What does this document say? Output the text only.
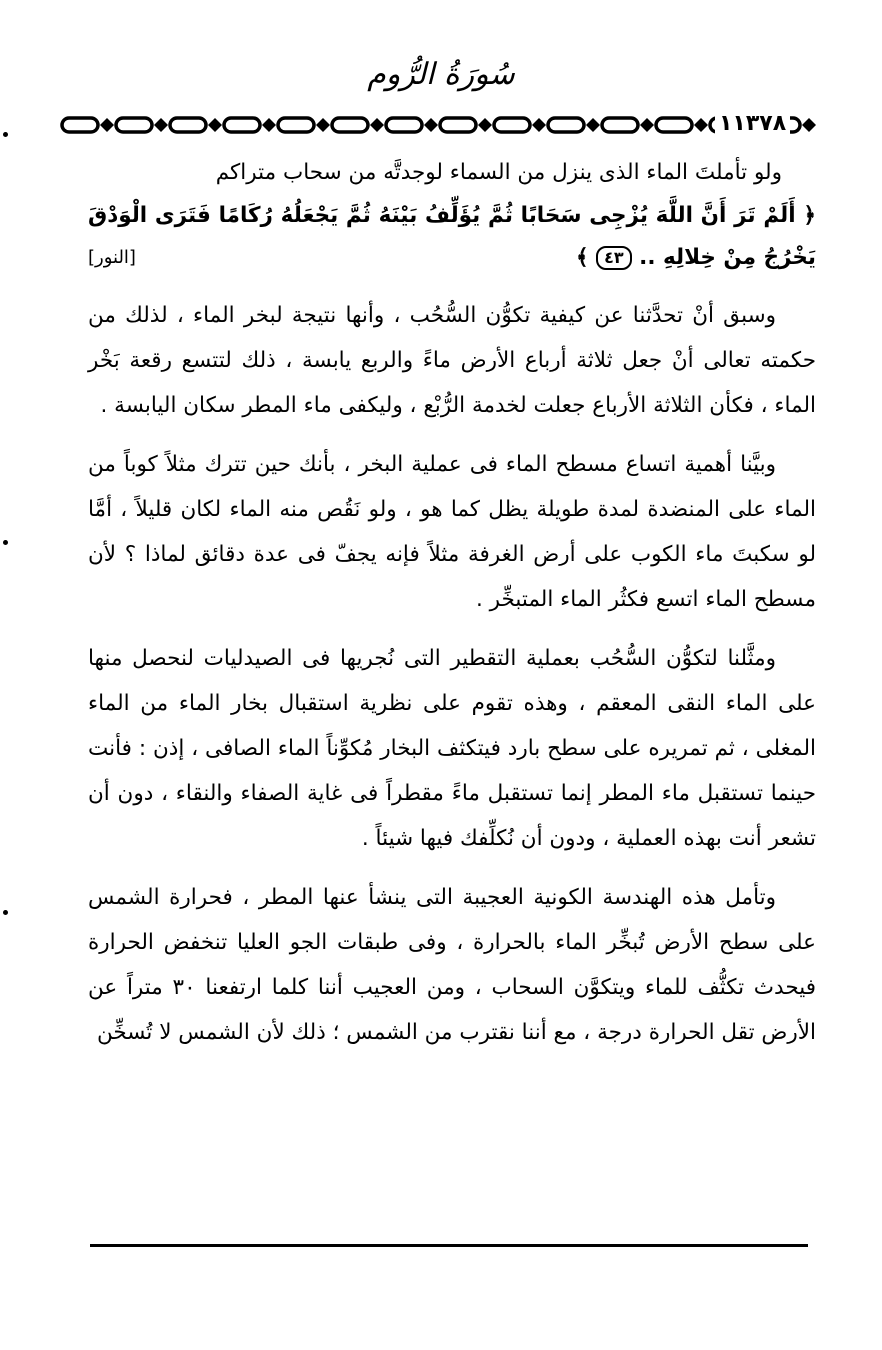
سُورَةُ الرُّوم
١١٣٧٨

ولو تأملتَ الماء الذى ينزل من السماء لوجدتَّه من سحاب متراكم

﴿ أَلَمْ تَرَ أَنَّ اللَّهَ يُزْجِى سَحَابًا ثُمَّ يُؤَلِّفُ بَيْنَهُ ثُمَّ يَجْعَلُهُ رُكَامًا فَتَرَى الْوَدْقَ يَخْرُجُ مِنْ خِلالِهِ .. ٤٣ ﴾
[النور]

وسبق أنْ تحدَّثنا عن كيفية تكوُّن السُّحُب ، وأنها نتيجة لبخر الماء ، لذلك من حكمته تعالى أنْ جعل ثلاثة أرباع الأرض ماءً والربع يابسة ، ذلك لتتسع رقعة بَخْر الماء ، فكأن الثلاثة الأرباع جعلت لخدمة الرُّبْع ، وليكفى ماء المطر سكان اليابسة .

وبيَّنا أهمية اتساع مسطح الماء فى عملية البخر ، بأنك حين تترك مثلاً كوباً من الماء على المنضدة لمدة طويلة يظل كما هو ، ولو نَقُص منه الماء لكان قليلاً ، أمَّا لو سكبتَ ماء الكوب على أرض الغرفة مثلاً فإنه يجفّ فى عدة دقائق لماذا ؟ لأن مسطح الماء اتسع فكثُر الماء المتبخِّر .

ومثَّلنا لتكوُّن السُّحُب بعملية التقطير التى نُجريها فى الصيدليات لنحصل منها على الماء النقى المعقم ، وهذه تقوم على نظرية استقبال بخار الماء من الماء المغلى ، ثم تمريره على سطح بارد فيتكثف البخار مُكوِّناً الماء الصافى ، إذن : فأنت حينما تستقبل ماء المطر إنما تستقبل ماءً مقطراً فى غاية الصفاء والنقاء ، دون أن تشعر أنت بهذه العملية ، ودون أن نُكلِّفك فيها شيئاً .

وتأمل هذه الهندسة الكونية العجيبة التى ينشأ عنها المطر ، فحرارة الشمس على سطح الأرض تُبخِّر الماء بالحرارة ، وفى طبقات الجو العليا تنخفض الحرارة فيحدث تكثُّف للماء ويتكوَّن السحاب ، ومن العجيب أننا كلما ارتفعنا ٣٠ متراً عن الأرض تقل الحرارة درجة ، مع أننا نقترب من الشمس ؛ ذلك لأن الشمس لا تُسخِّن
